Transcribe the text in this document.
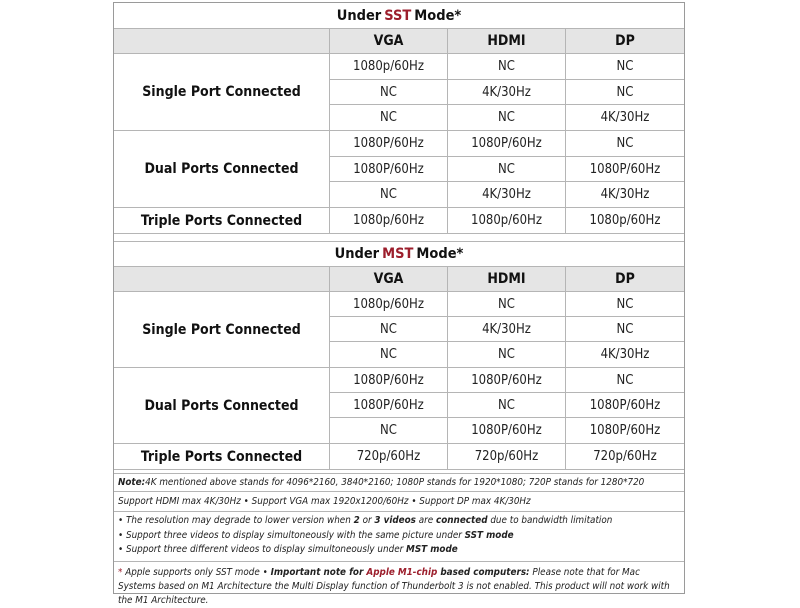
Under SST Mode*
VGA	HDMI	DP
Single Port Connected
1080p/60Hz	NC	NC
NC	4K/30Hz	NC
NC	NC	4K/30Hz
Dual Ports Connected
1080P/60Hz	1080P/60Hz	NC
1080P/60Hz	NC	1080P/60Hz
NC	4K/30Hz	4K/30Hz
Triple Ports Connected	1080p/60Hz	1080p/60Hz	1080p/60Hz
Under MST Mode*
VGA	HDMI	DP
Single Port Connected
1080p/60Hz	NC	NC
NC	4K/30Hz	NC
NC	NC	4K/30Hz
Dual Ports Connected
1080P/60Hz	1080P/60Hz	NC
1080P/60Hz	NC	1080P/60Hz
NC	1080P/60Hz	1080P/60Hz
Triple Ports Connected	720p/60Hz	720p/60Hz	720p/60Hz
Note: 4K mentioned above stands for 4096*2160, 3840*2160; 1080P stands for 1920*1080; 720P stands for 1280*720
Support HDMI max 4K/30Hz • Support VGA max 1920x1200/60Hz • Support DP max 4K/30Hz
• The resolution may degrade to lower version when 2 or 3 videos are connected due to bandwidth limitation
• Support three videos to display simultoneously with the same picture under SST mode
• Support three different videos to display simultoneously under MST mode
* Apple supports only SST mode • Important note for Apple M1-chip based computers: Please note that for Mac Systems based on M1 Architecture the Multi Display function of Thunderbolt 3 is not enabled. This product will not work with the M1 Architecture.
